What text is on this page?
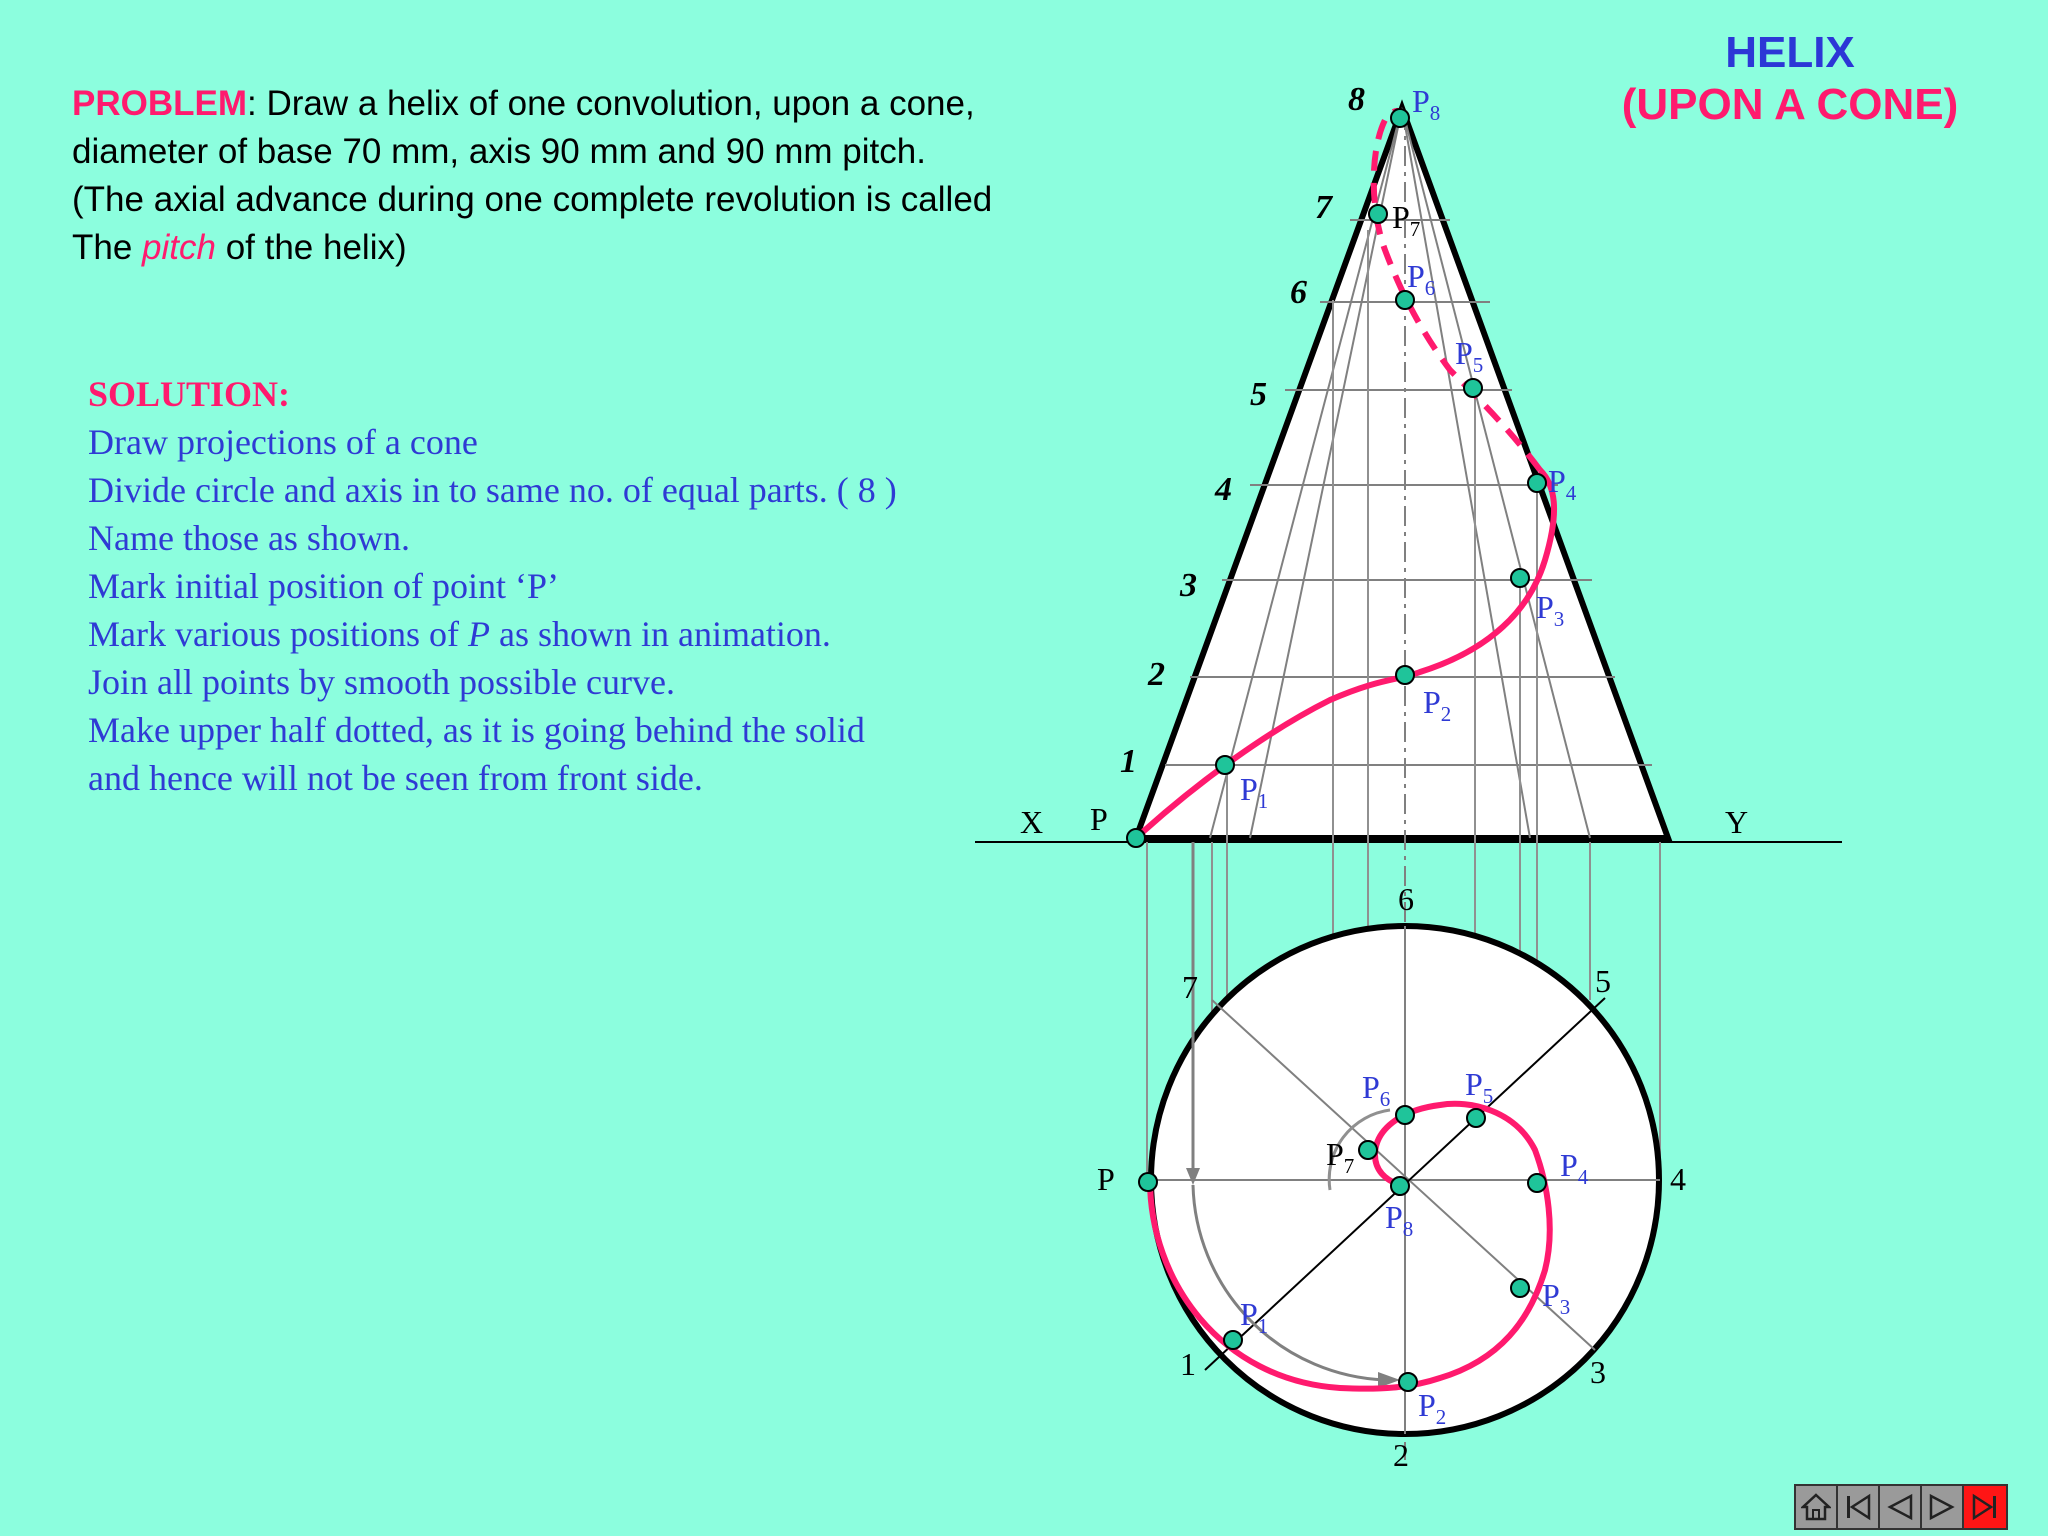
HELIX
(UPON A CONE)
PROBLEM: Draw a helix of one convolution, upon a cone,
diameter of base 70 mm, axis 90 mm and 90 mm pitch.
(The axial advance during one complete revolution is called
The pitch of the helix)
SOLUTION:
Draw projections of a cone
Divide circle and axis in to same no. of equal parts. ( 8 )
Name those as shown.
Mark initial position of point ‘P’
Mark various positions of P as shown in animation.
Join all points by smooth possible curve.
Make upper half dotted, as it is going behind the solid
and hence will not be seen from front side.
X	Y
P
P
1
2
3
4
5
6
7
8
$P_1$
$P_2$
$P_3$
$P_4$
$P_5$
$P_6$
$P_7$
$P_8$
1
2
3
4
5
6
7
$P_1$
$P_2$
$P_3$
$P_4$
$P_5$
$P_6$
$P_7$
$P_8$
